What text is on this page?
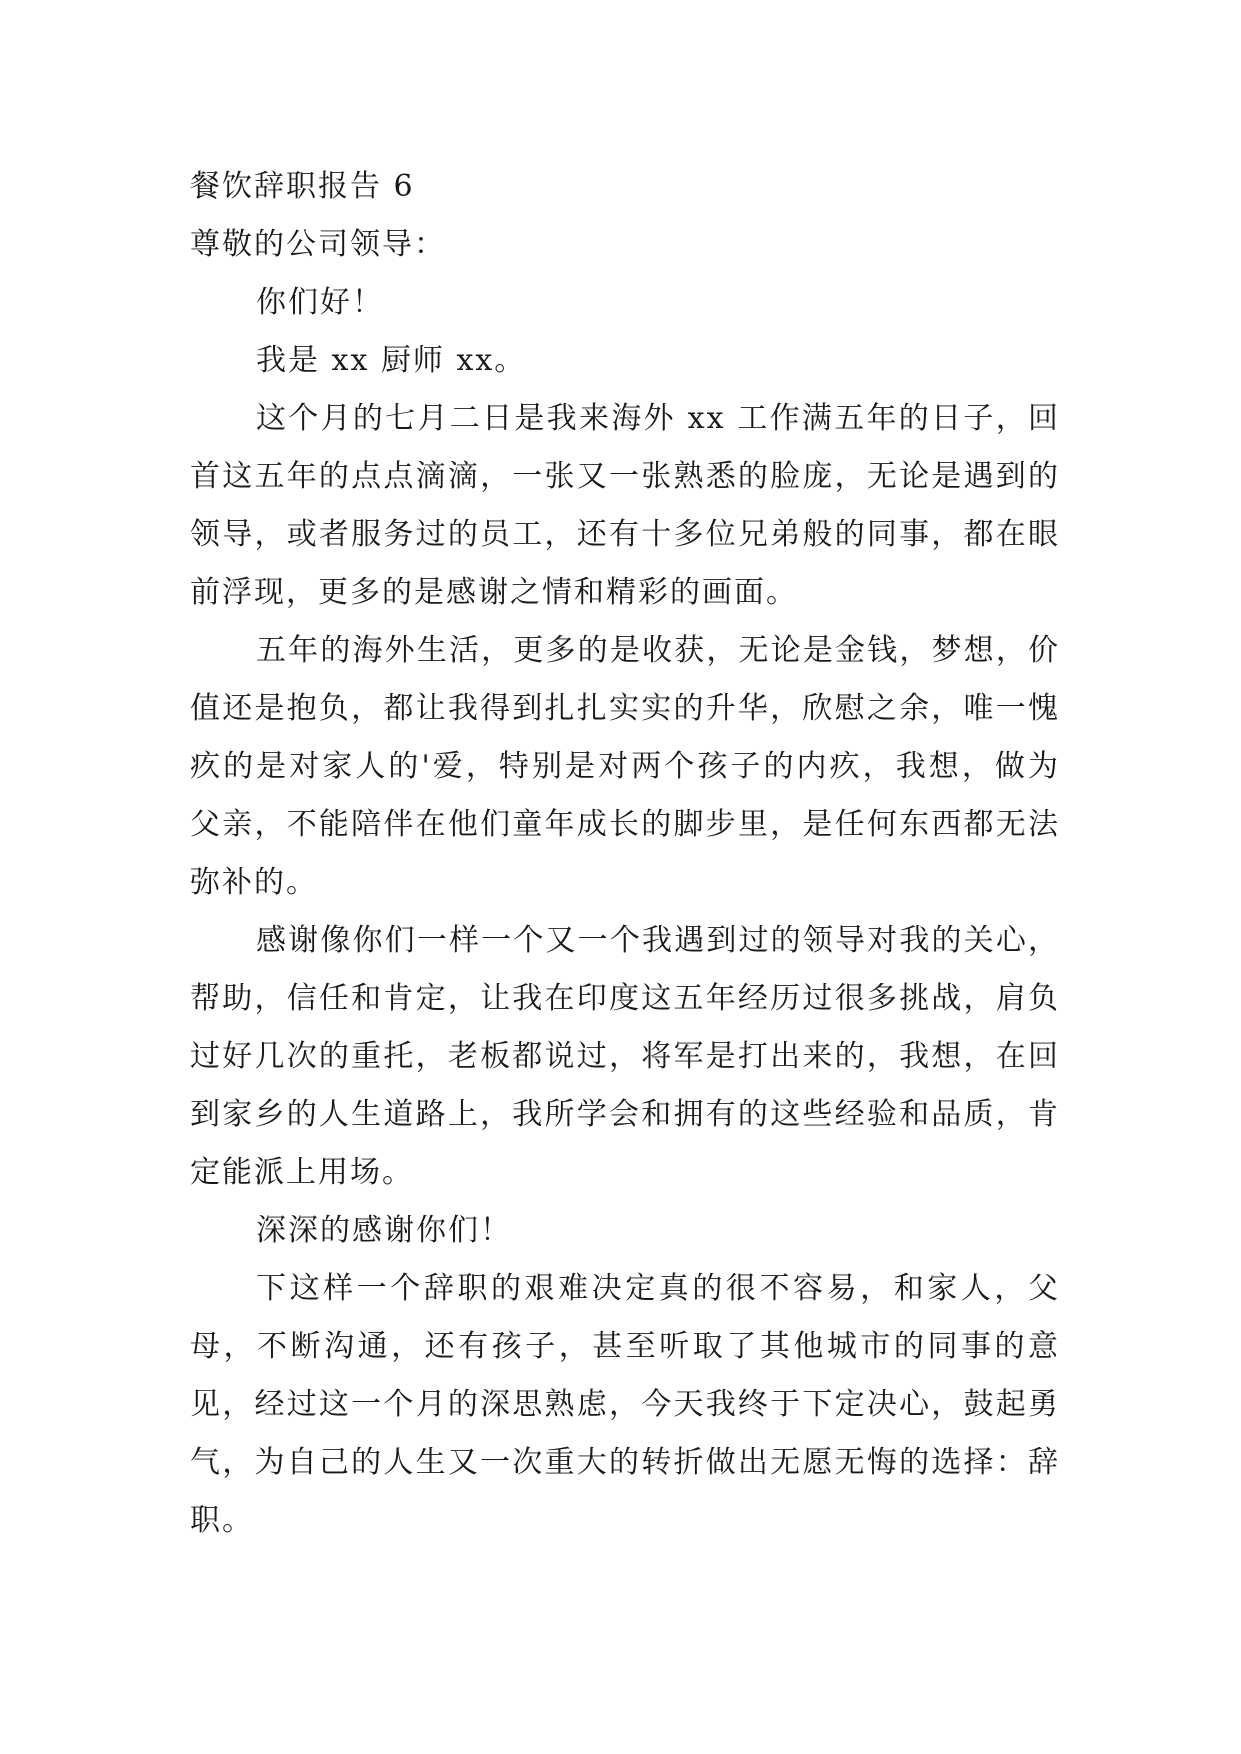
餐饮辞职报告 6

尊敬的公司领导：

你们好！

我是 xx 厨师 xx。

这个月的七月二日是我来海外 xx 工作满五年的日子，回首这五年的点点滴滴，一张又一张熟悉的脸庞，无论是遇到的领导，或者服务过的员工，还有十多位兄弟般的同事，都在眼前浮现，更多的是感谢之情和精彩的画面。

五年的海外生活，更多的是收获，无论是金钱，梦想，价值还是抱负，都让我得到扎扎实实的升华，欣慰之余，唯一愧疚的是对家人的'爱，特别是对两个孩子的内疚，我想，做为父亲，不能陪伴在他们童年成长的脚步里，是任何东西都无法弥补的。

感谢像你们一样一个又一个我遇到过的领导对我的关心，帮助，信任和肯定，让我在印度这五年经历过很多挑战，肩负过好几次的重托，老板都说过，将军是打出来的，我想，在回到家乡的人生道路上，我所学会和拥有的这些经验和品质，肯定能派上用场。

深深的感谢你们！

下这样一个辞职的艰难决定真的很不容易，和家人，父母，不断沟通，还有孩子，甚至听取了其他城市的同事的意见，经过这一个月的深思熟虑，今天我终于下定决心，鼓起勇气，为自己的人生又一次重大的转折做出无愿无悔的选择：辞职。
